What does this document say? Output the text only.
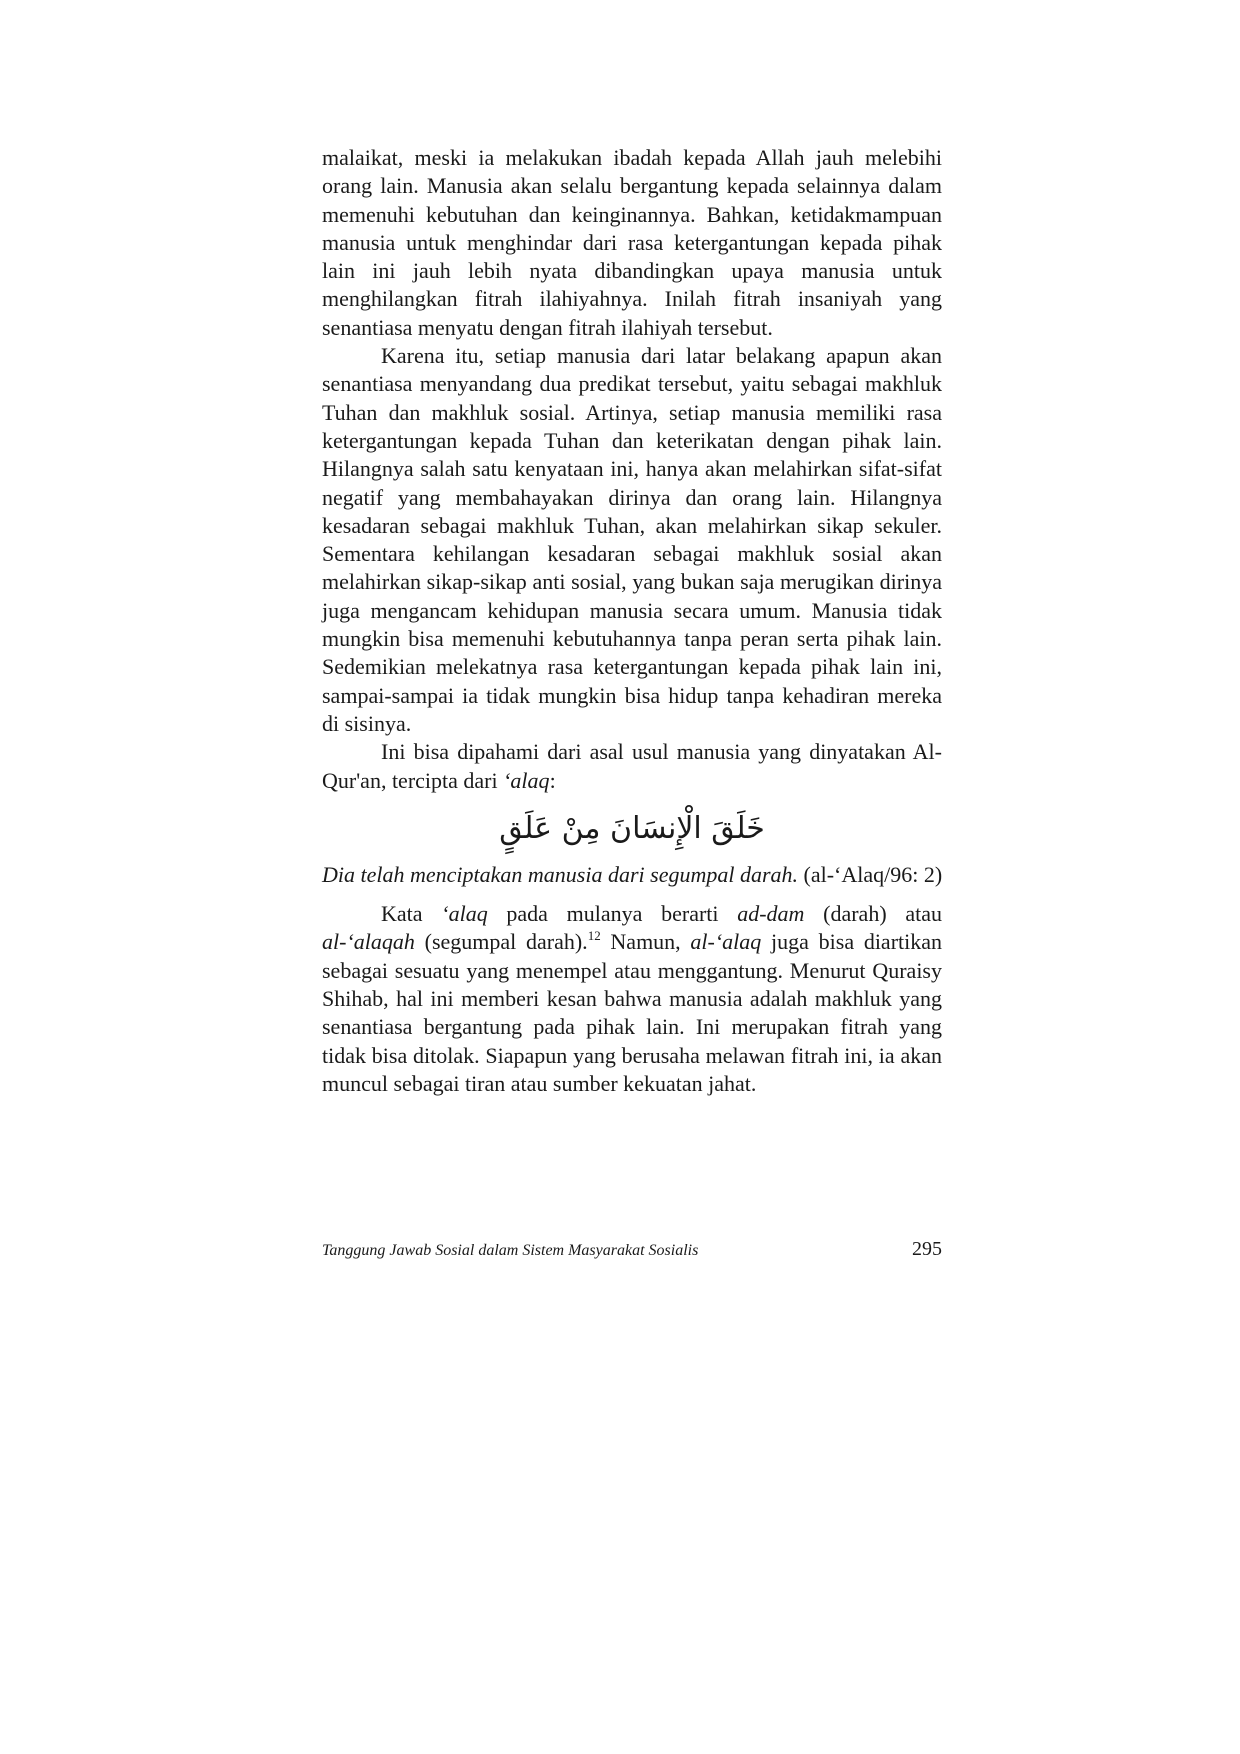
malaikat, meski ia melakukan ibadah kepada Allah jauh melebihi orang lain. Manusia akan selalu bergantung kepada selainnya dalam memenuhi kebutuhan dan keinginannya. Bahkan, ketidakmampuan manusia untuk menghindar dari rasa ketergantungan kepada pihak lain ini jauh lebih nyata dibandingkan upaya manusia untuk menghilangkan fitrah ilahiyahnya. Inilah fitrah insaniyah yang senantiasa menyatu dengan fitrah ilahiyah tersebut.

Karena itu, setiap manusia dari latar belakang apapun akan senantiasa menyandang dua predikat tersebut, yaitu sebagai makhluk Tuhan dan makhluk sosial. Artinya, setiap manusia memiliki rasa ketergantungan kepada Tuhan dan keterikatan dengan pihak lain. Hilangnya salah satu kenyataan ini, hanya akan melahirkan sifat-sifat negatif yang membahayakan dirinya dan orang lain. Hilangnya kesadaran sebagai makhluk Tuhan, akan melahirkan sikap sekuler. Sementara kehilangan kesadaran sebagai makhluk sosial akan melahirkan sikap-sikap anti sosial, yang bukan saja merugikan dirinya juga mengancam kehidupan manusia secara umum. Manusia tidak mungkin bisa memenuhi kebutuhannya tanpa peran serta pihak lain. Sedemikian melekatnya rasa ketergantungan kepada pihak lain ini, sampai-sampai ia tidak mungkin bisa hidup tanpa kehadiran mereka di sisinya.

Ini bisa dipahami dari asal usul manusia yang dinyatakan Al-Qur'an, tercipta dari ‘alaq:

خَلَقَ الْإِنسَانَ مِنْ عَلَقٍ

Dia telah menciptakan manusia dari segumpal darah. (al-‘Alaq/96: 2)

Kata ‘alaq pada mulanya berarti ad-dam (darah) atau al-‘alaqah (segumpal darah).$^{12}$ Namun, al-‘alaq juga bisa diartikan sebagai sesuatu yang menempel atau menggantung. Menurut Quraisy Shihab, hal ini memberi kesan bahwa manusia adalah makhluk yang senantiasa bergantung pada pihak lain. Ini merupakan fitrah yang tidak bisa ditolak. Siapapun yang berusaha melawan fitrah ini, ia akan muncul sebagai tiran atau sumber kekuatan jahat.

Tanggung Jawab Sosial dalam Sistem Masyarakat Sosialis	295
